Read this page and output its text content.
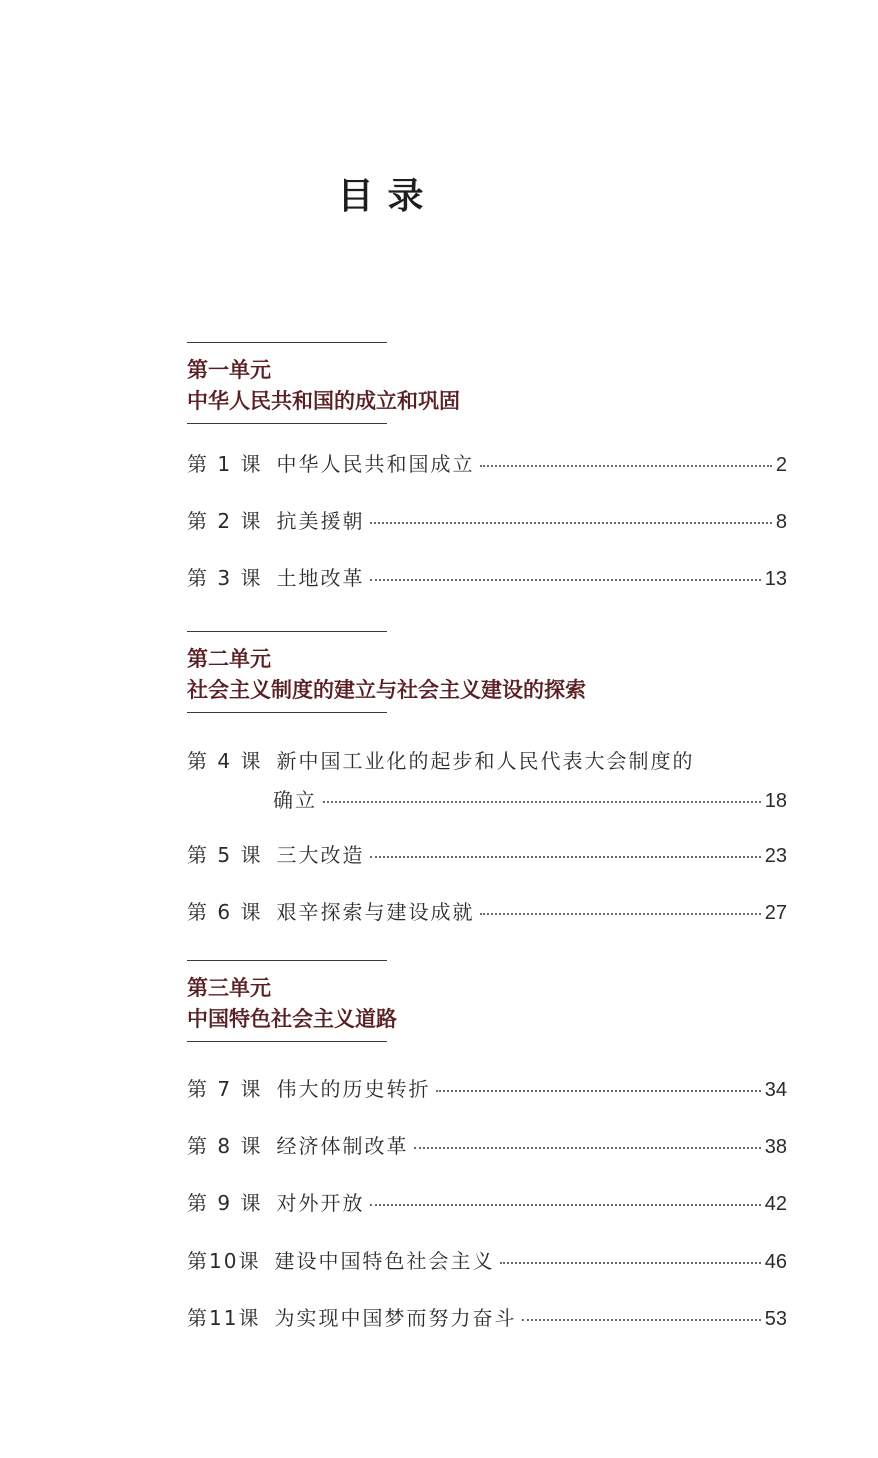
目录
第一单元
中华人民共和国的成立和巩固
第 1 课 中华人民共和国成立	2
第 2 课 抗美援朝	8
第 3 课 土地改革	13
第二单元
社会主义制度的建立与社会主义建设的探索
第 4 课 新中国工业化的起步和人民代表大会制度的
确立	18
第 5 课 三大改造	23
第 6 课 艰辛探索与建设成就	27
第三单元
中国特色社会主义道路
第 7 课 伟大的历史转折	34
第 8 课 经济体制改革	38
第 9 课 对外开放	42
第10课 建设中国特色社会主义	46
第11课 为实现中国梦而努力奋斗	53
